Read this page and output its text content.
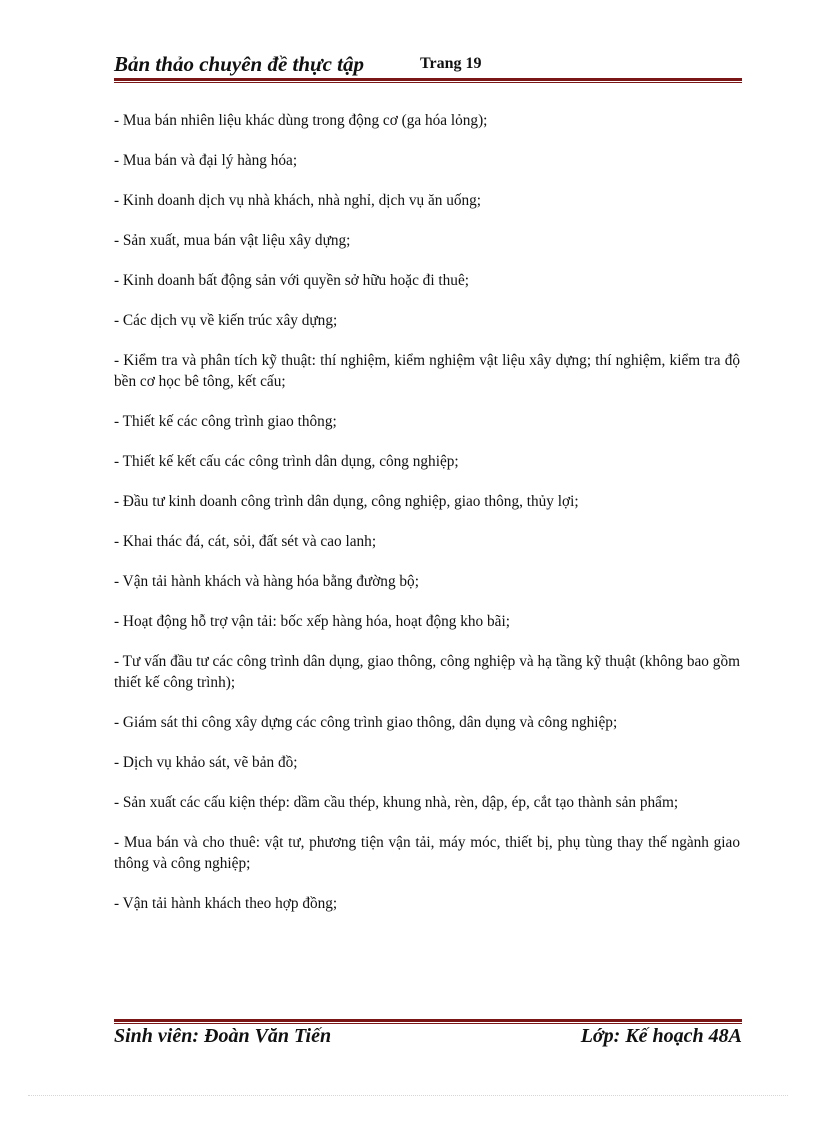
Bản thảo chuyên đề thực tập	Trang 19

- Mua bán nhiên liệu khác dùng trong động cơ (ga hóa lỏng);

- Mua bán và đại lý hàng hóa;

- Kinh doanh dịch vụ nhà khách, nhà nghỉ, dịch vụ ăn uống;

- Sản xuất, mua bán vật liệu xây dựng;

- Kinh doanh bất động sản với quyền sở hữu hoặc đi thuê;

- Các dịch vụ về kiến trúc xây dựng;

- Kiểm tra và phân tích kỹ thuật: thí nghiệm, kiểm nghiệm vật liệu xây dựng; thí nghiệm, kiểm tra độ bền cơ học bê tông, kết cấu;

- Thiết kế các công trình giao thông;

- Thiết kế kết cấu các công trình dân dụng, công nghiệp;

- Đầu tư kinh doanh công trình dân dụng, công nghiệp, giao thông, thủy lợi;

- Khai thác đá, cát, sỏi, đất sét và cao lanh;

- Vận tải hành khách và hàng hóa bằng đường bộ;

- Hoạt động hỗ trợ vận tải: bốc xếp hàng hóa, hoạt động kho bãi;

- Tư vấn đầu tư các công trình dân dụng, giao thông, công nghiệp và hạ tầng kỹ thuật (không bao gồm thiết kế công trình);

- Giám sát thi công xây dựng các công trình giao thông, dân dụng và công nghiệp;

- Dịch vụ khảo sát, vẽ bản đồ;

- Sản xuất các cấu kiện thép: dầm cầu thép, khung nhà, rèn, dập, ép, cắt tạo thành sản phẩm;

- Mua bán và cho thuê: vật tư, phương tiện vận tải, máy móc, thiết bị, phụ tùng thay thế ngành giao thông và công nghiệp;

- Vận tải hành khách theo hợp đồng;

Sinh viên: Đoàn Văn Tiến	Lớp: Kế hoạch 48A
